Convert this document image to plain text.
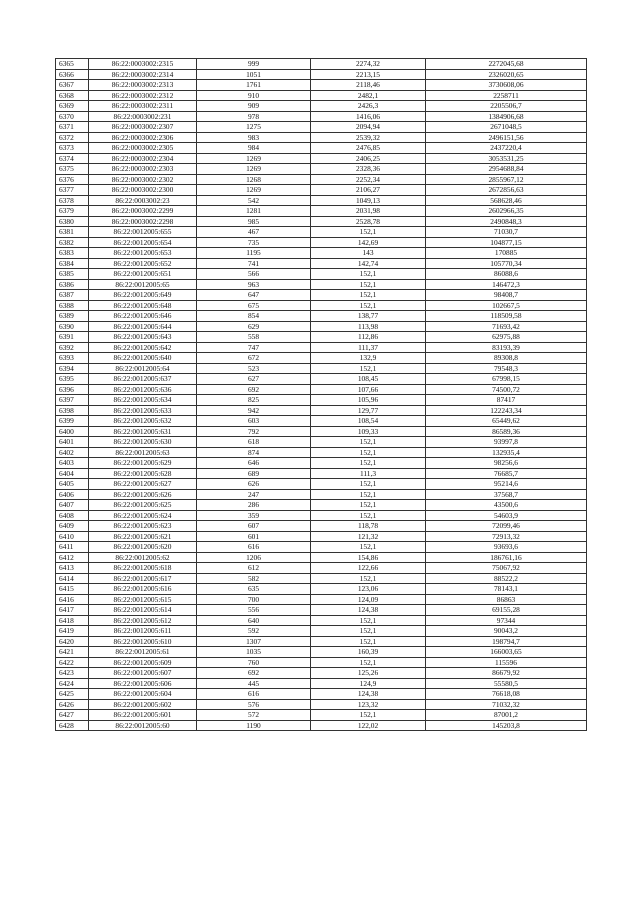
6365	86:22:0003002:2315	999	2274,32	2272045,68
6366	86:22:0003002:2314	1051	2213,15	2326020,65
6367	86:22:0003002:2313	1761	2118,46	3730608,06
6368	86:22:0003002:2312	910	2482,1	2258711
6369	86:22:0003002:2311	909	2426,3	2205506,7
6370	86:22:0003002:231	978	1416,06	1384906,68
6371	86:22:0003002:2307	1275	2094,94	2671048,5
6372	86:22:0003002:2306	983	2539,32	2496151,56
6373	86:22:0003002:2305	984	2476,85	2437220,4
6374	86:22:0003002:2304	1269	2406,25	3053531,25
6375	86:22:0003002:2303	1269	2328,36	2954688,84
6376	86:22:0003002:2302	1268	2252,34	2855967,12
6377	86:22:0003002:2300	1269	2106,27	2672856,63
6378	86:22:0003002:23	542	1049,13	568628,46
6379	86:22:0003002:2299	1281	2031,98	2602966,35
6380	86:22:0003002:2298	985	2528,78	2490848,3
6381	86:22:0012005:655	467	152,1	71030,7
6382	86:22:0012005:654	735	142,69	104877,15
6383	86:22:0012005:653	1195	143	170885
6384	86:22:0012005:652	741	142,74	105770,34
6385	86:22:0012005:651	566	152,1	86088,6
6386	86:22:0012005:65	963	152,1	146472,3
6387	86:22:0012005:649	647	152,1	98408,7
6388	86:22:0012005:648	675	152,1	102667,5
6389	86:22:0012005:646	854	138,77	118509,58
6390	86:22:0012005:644	629	113,98	71693,42
6391	86:22:0012005:643	558	112,86	62975,88
6392	86:22:0012005:642	747	111,37	83193,39
6393	86:22:0012005:640	672	132,9	89308,8
6394	86:22:0012005:64	523	152,1	79548,3
6395	86:22:0012005:637	627	108,45	67998,15
6396	86:22:0012005:636	692	107,66	74500,72
6397	86:22:0012005:634	825	105,96	87417
6398	86:22:0012005:633	942	129,77	122243,34
6399	86:22:0012005:632	603	108,54	65449,62
6400	86:22:0012005:631	792	109,33	86589,36
6401	86:22:0012005:630	618	152,1	93997,8
6402	86:22:0012005:63	874	152,1	132935,4
6403	86:22:0012005:629	646	152,1	98256,6
6404	86:22:0012005:628	689	111,3	76685,7
6405	86:22:0012005:627	626	152,1	95214,6
6406	86:22:0012005:626	247	152,1	37568,7
6407	86:22:0012005:625	286	152,1	43500,6
6408	86:22:0012005:624	359	152,1	54603,9
6409	86:22:0012005:623	607	118,78	72099,46
6410	86:22:0012005:621	601	121,32	72913,32
6411	86:22:0012005:620	616	152,1	93693,6
6412	86:22:0012005:62	1206	154,86	186761,16
6413	86:22:0012005:618	612	122,66	75067,92
6414	86:22:0012005:617	582	152,1	88522,2
6415	86:22:0012005:616	635	123,06	78143,1
6416	86:22:0012005:615	700	124,09	86863
6417	86:22:0012005:614	556	124,38	69155,28
6418	86:22:0012005:612	640	152,1	97344
6419	86:22:0012005:611	592	152,1	90043,2
6420	86:22:0012005:610	1307	152,1	198794,7
6421	86:22:0012005:61	1035	160,39	166003,65
6422	86:22:0012005:609	760	152,1	115596
6423	86:22:0012005:607	692	125,26	86679,92
6424	86:22:0012005:606	445	124,9	55580,5
6425	86:22:0012005:604	616	124,38	76618,08
6426	86:22:0012005:602	576	123,32	71032,32
6427	86:22:0012005:601	572	152,1	87001,2
6428	86:22:0012005:60	1190	122,02	145203,8
